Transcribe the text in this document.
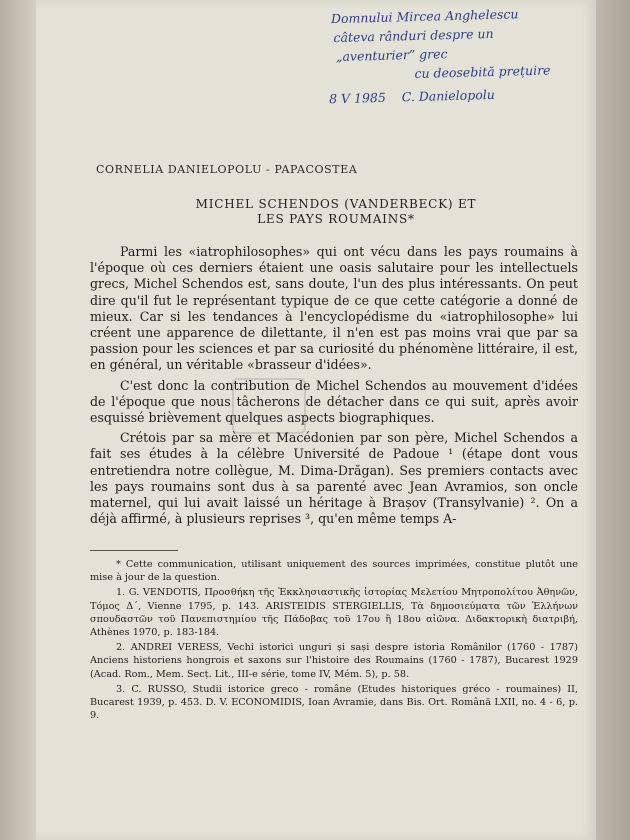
Domnului Mircea Anghelescu
câteva rânduri despre un
„aventurier” grec
cu deosebită prețuire
8 V 1985 C. Danielopolu
CORNELIA DANIELOPOLU - PAPACOSTEA
MICHEL SCHENDOS (VANDERBECK) ET
LES PAYS ROUMAINS*

Parmi les «iatrophilosophes» qui ont vécu dans les pays roumains à l'époque où ces derniers étaient une oasis salutaire pour les intellectuels grecs, Michel Schendos est, sans doute, l'un des plus intéressants. On peut dire qu'il fut le représentant typique de ce que cette catégorie a donné de mieux. Car si les tendances à l'encyclopédisme du «iatrophilosophe» lui créent une apparence de dilettante, il n'en est pas moins vrai que par sa passion pour les sciences et par sa curiosité du phénomène littéraire, il est, en général, un véritable «brasseur d'idées».

C'est donc la contribution de Michel Schendos au mouvement d'idées de l'époque que nous tâcherons de détacher dans ce qui suit, après avoir esquissé brièvement quelques aspects biographiques.

Crétois par sa mère et Macédonien par son père, Michel Schendos a fait ses études à la célèbre Université de Padoue ¹ (étape dont vous entretiendra notre collègue, M. Dima-Drăgan). Ses premiers contacts avec les pays roumains sont dus à sa parenté avec Jean Avramios, son oncle maternel, qui lui avait laissé un héritage à Brașov (Transylvanie) ². On a déjà affirmé, à plusieurs reprises ³, qu'en même temps A-

* Cette communication, utilisant uniquement des sources imprimées, constitue plutôt une mise à jour de la question.

1. G. VENDOTIS, Προσθήκη τῆς Ἐκκλησιαστικῆς ἱστορίας Μελετίου Μητροπολίτου Ἀθηνῶν, Τόμος Δ΄, Vienne 1795, p. 143. ARISTEIDIS STERGIELLIS, Τὰ δημοσιεύματα τῶν Ἑλλήνων σπουδαστῶν τοῦ Πανεπιστημίου τῆς Πάδοβας τοῦ 17ου ἢ 18ου αἰῶνα. Διδακτορικὴ διατριβή, Athènes 1970, p. 183-184.

2. ANDREI VERESS, Vechi istorici unguri și sași despre istoria Românilor (1760 - 1787) Anciens historiens hongrois et saxons sur l'histoire des Roumains (1760 - 1787), Bucarest 1929 (Acad. Rom., Mem. Secț. Lit., III-e série, tome IV, Mém. 5), p. 58.

3. C. RUSSO, Studii istorice greco - române (Etudes historiques gréco - roumaines) II, Bucarest 1939, p. 453. D. V. ECONOMIDIS, Ioan Avramie, dans Bis. Ort. Română LXII, no. 4 - 6, p. 9.
